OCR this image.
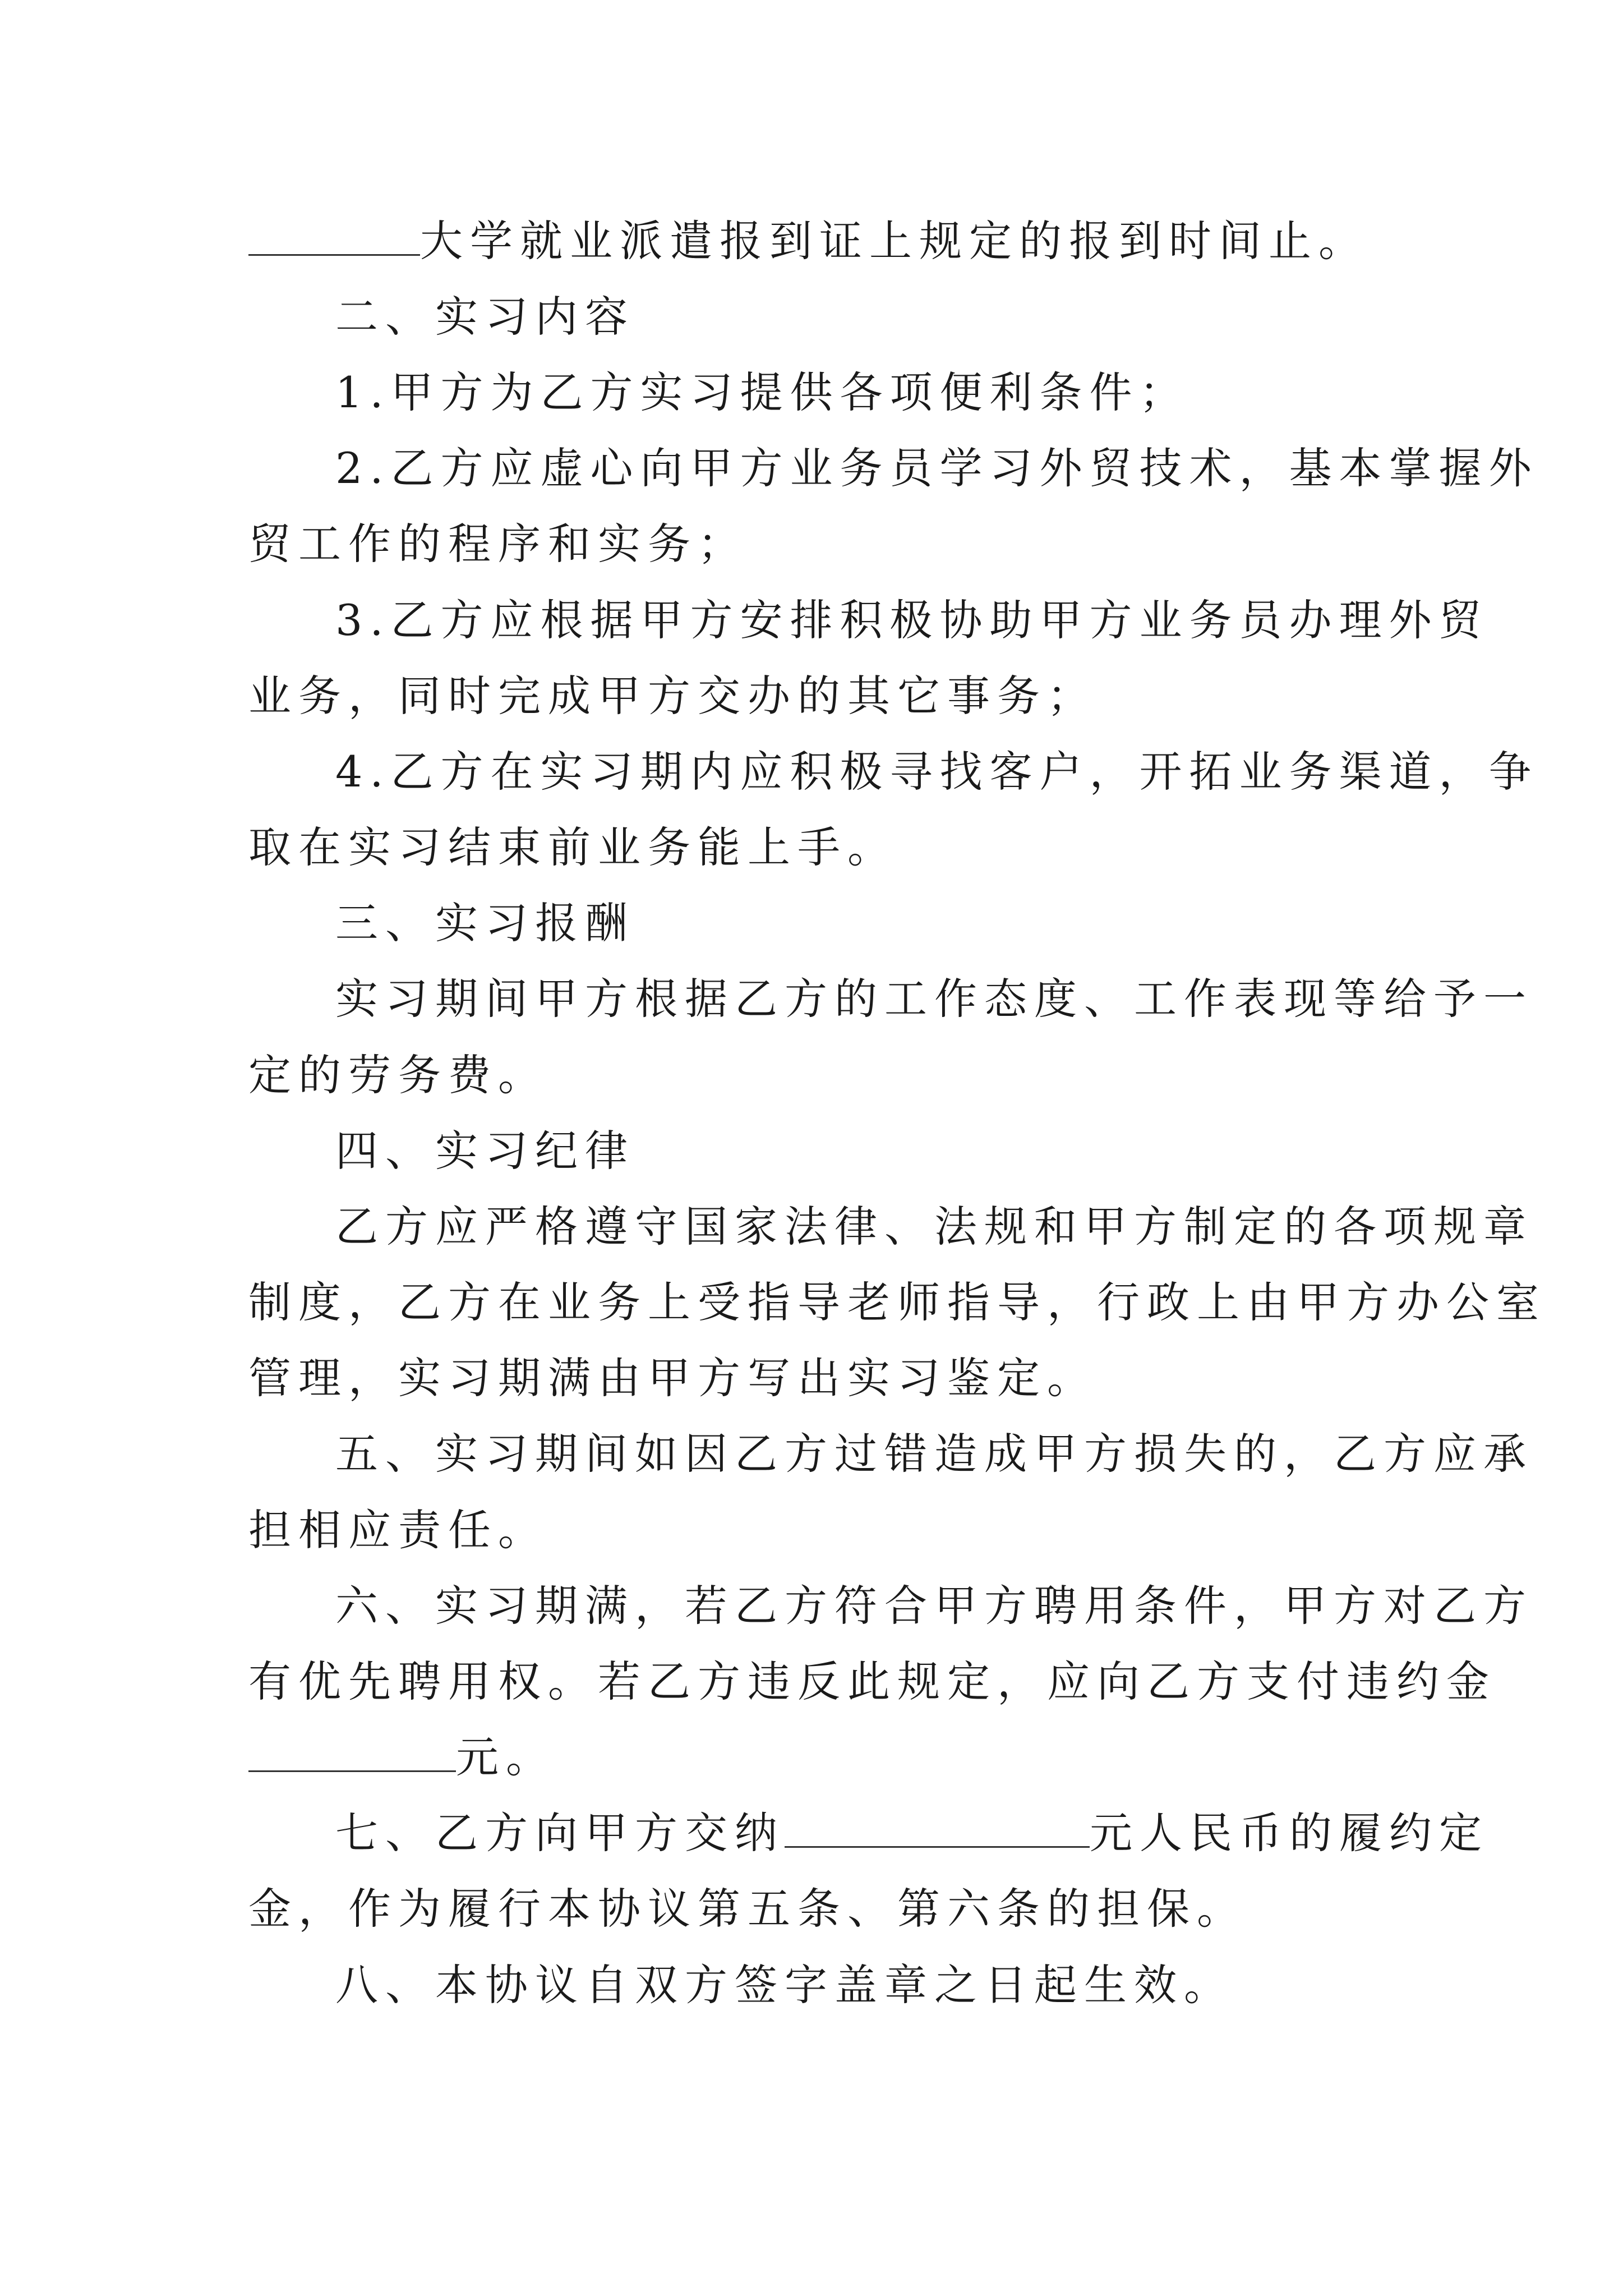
大学就业派遣报到证上规定的报到时间止。
二、实习内容
1.甲方为乙方实习提供各项便利条件；
2.乙方应虚心向甲方业务员学习外贸技术，基本掌握外
贸工作的程序和实务；
3.乙方应根据甲方安排积极协助甲方业务员办理外贸
业务，同时完成甲方交办的其它事务；
4.乙方在实习期内应积极寻找客户，开拓业务渠道，争
取在实习结束前业务能上手。
三、实习报酬
实习期间甲方根据乙方的工作态度、工作表现等给予一
定的劳务费。
四、实习纪律
乙方应严格遵守国家法律、法规和甲方制定的各项规章
制度，乙方在业务上受指导老师指导，行政上由甲方办公室
管理，实习期满由甲方写出实习鉴定。
五、实习期间如因乙方过错造成甲方损失的，乙方应承
担相应责任。
六、实习期满，若乙方符合甲方聘用条件，甲方对乙方
有优先聘用权。若乙方违反此规定，应向乙方支付违约金
元。
七、乙方向甲方交纳	元人民币的履约定
金，作为履行本协议第五条、第六条的担保。
八、本协议自双方签字盖章之日起生效。
